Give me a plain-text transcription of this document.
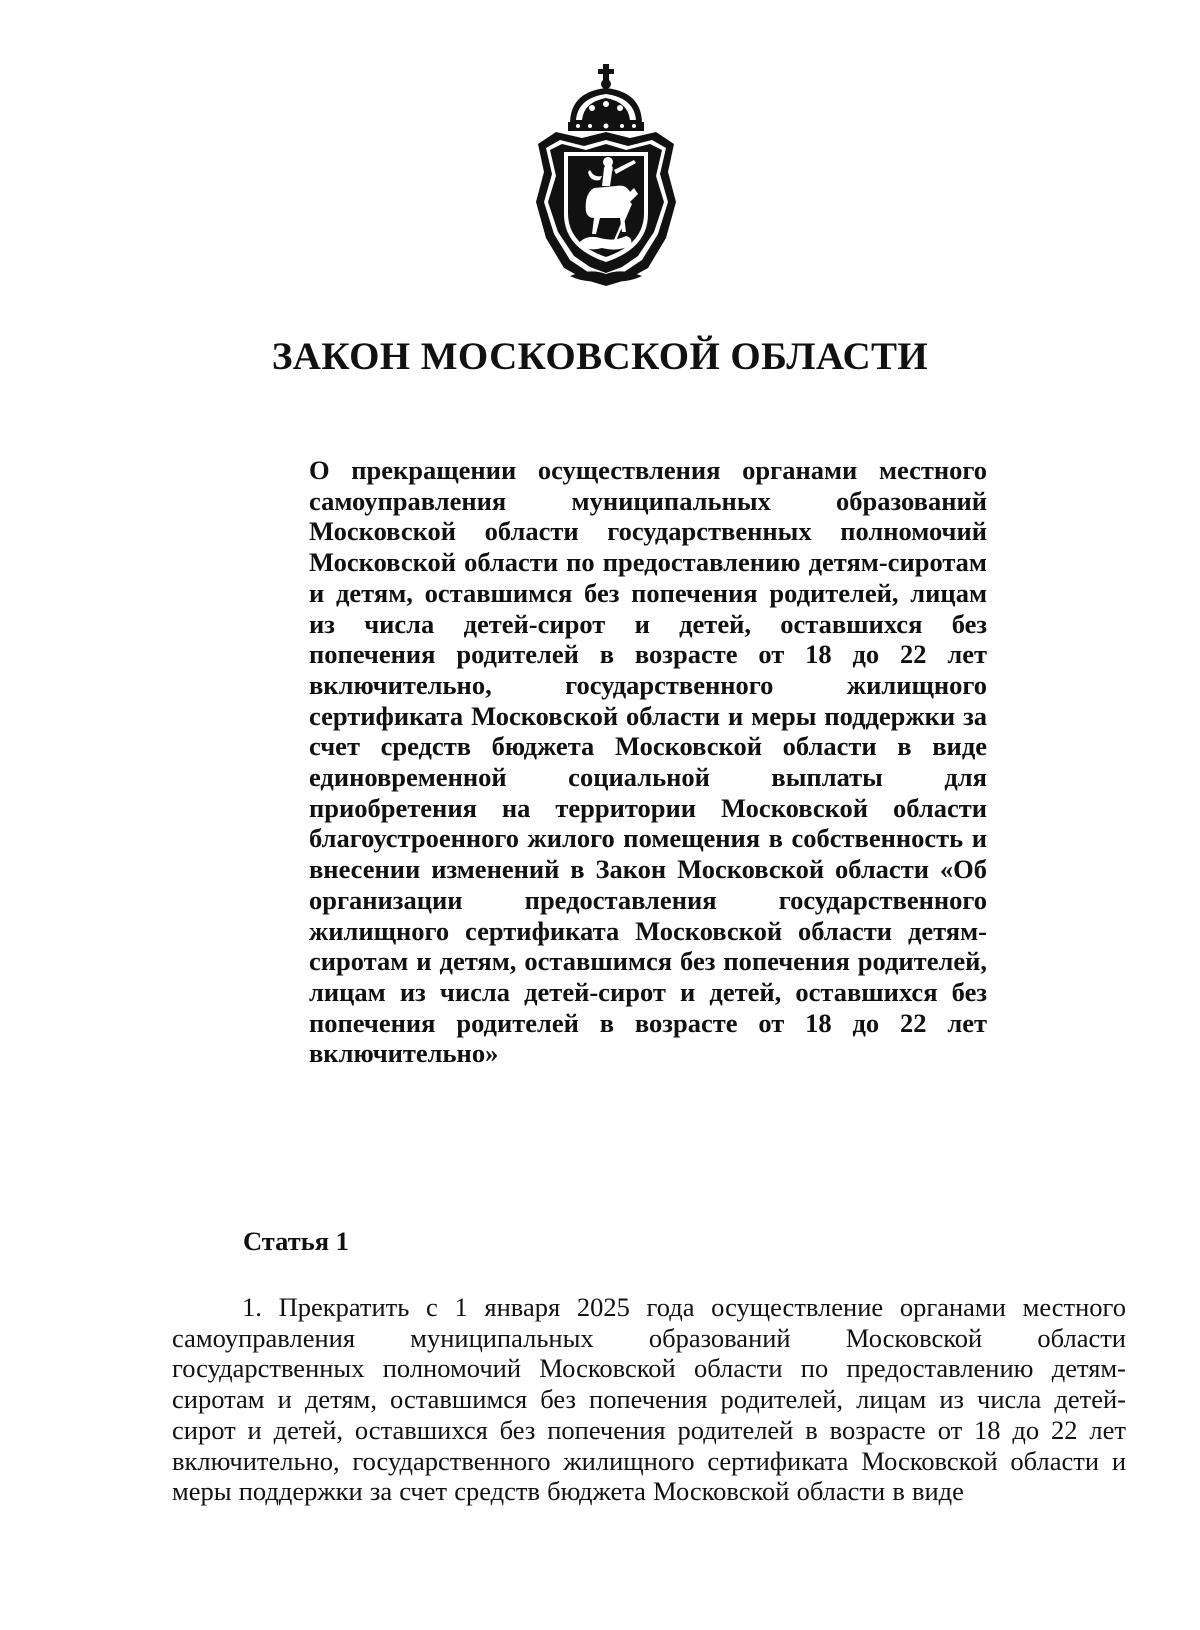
ЗАКОН МОСКОВСКОЙ ОБЛАСТИ
О прекращении осуществления органами местного самоуправления муниципальных образований Московской области государственных полномочий Московской области по предоставлению детям-сиротам и детям, оставшимся без попечения родителей, лицам из числа детей-сирот и детей, оставшихся без попечения родителей в возрасте от 18 до 22 лет включительно, государственного жилищного сертификата Московской области и меры поддержки за счет средств бюджета Московской области в виде единовременной социальной выплаты для приобретения на территории Московской области благоустроенного жилого помещения в собственность и внесении изменений в Закон Московской области «Об организации предоставления государственного жилищного сертификата Московской области детям-сиротам и детям, оставшимся без попечения родителей, лицам из числа детей-сирот и детей, оставшихся без попечения родителей в возрасте от 18 до 22 лет включительно»
Статья 1
1. Прекратить с 1 января 2025 года осуществление органами местного самоуправления муниципальных образований Московской области государственных полномочий Московской области по предоставлению детям-сиротам и детям, оставшимся без попечения родителей, лицам из числа детей-сирот и детей, оставшихся без попечения родителей в возрасте от 18 до 22 лет включительно, государственного жилищного сертификата Московской области и меры поддержки за счет средств бюджета Московской области в виде
